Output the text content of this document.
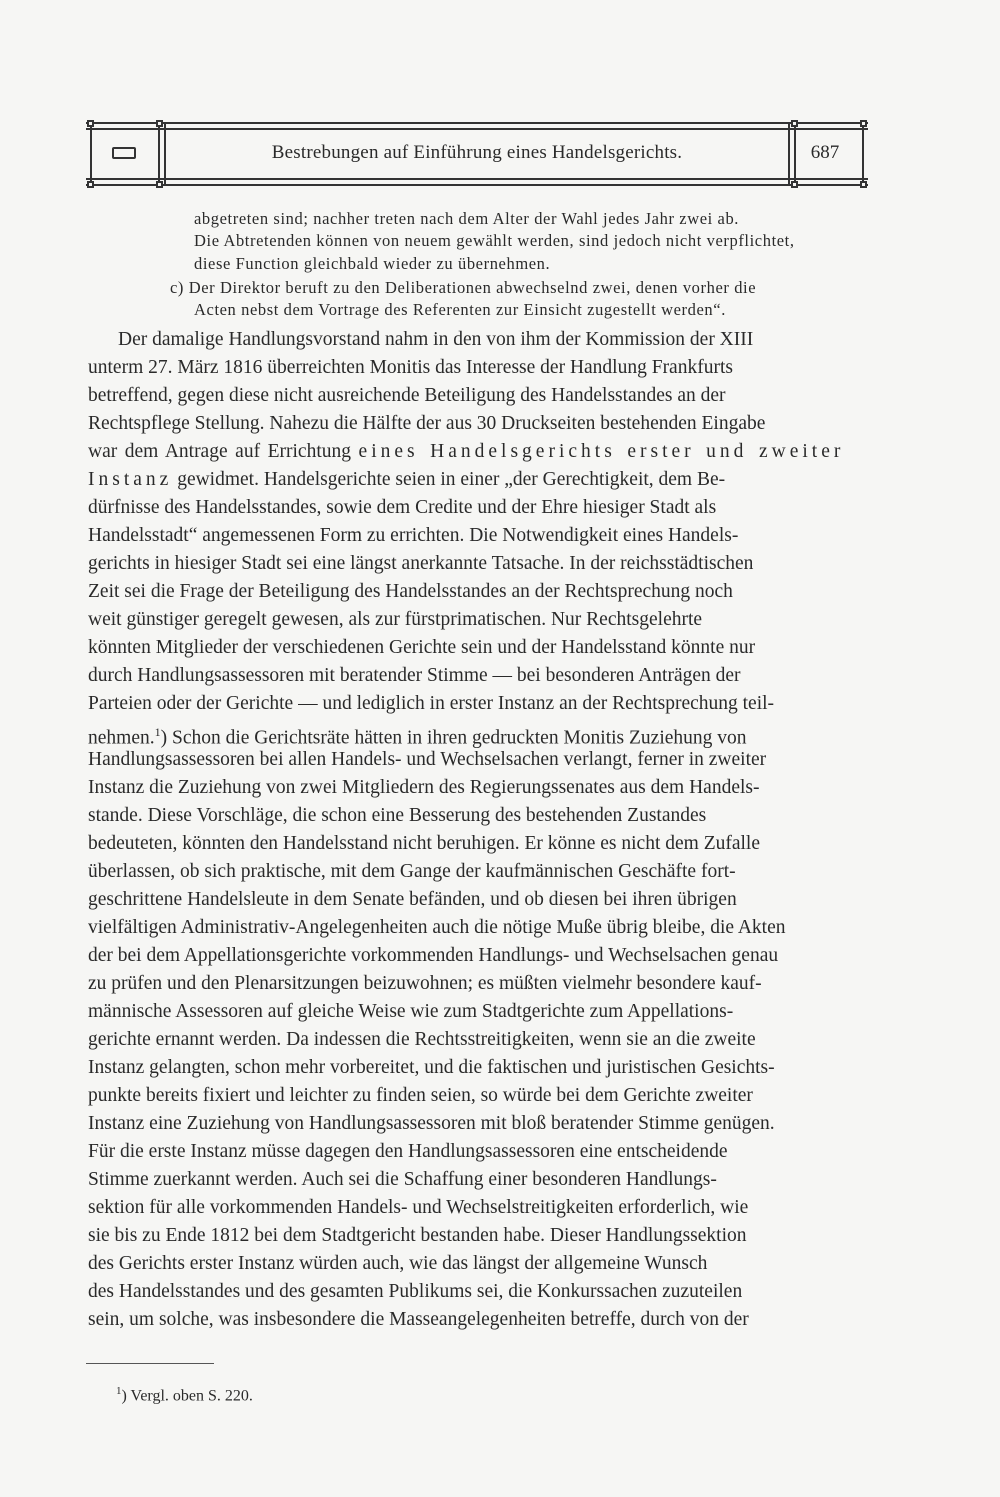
Bestrebungen auf Einführung eines Handelsgerichts.	687
abgetreten sind; nachher treten nach dem Alter der Wahl jedes Jahr zwei ab.
Die Abtretenden können von neuem gewählt werden, sind jedoch nicht verpflichtet,
diese Function gleichbald wieder zu übernehmen.
c) Der Direktor beruft zu den Deliberationen abwechselnd zwei, denen vorher die
Acten nebst dem Vortrage des Referenten zur Einsicht zugestellt werden“.
Der damalige Handlungsvorstand nahm in den von ihm der Kommission der XIII
unterm 27. März 1816 überreichten Monitis das Interesse der Handlung Frankfurts
betreffend, gegen diese nicht ausreichende Beteiligung des Handelsstandes an der
Rechtspflege Stellung. Nahezu die Hälfte der aus 30 Druckseiten bestehenden Eingabe
war dem Antrage auf Errichtung eines Handelsgerichts erster und zweiter
Instanz gewidmet. Handelsgerichte seien in einer „der Gerechtigkeit, dem Be-
dürfnisse des Handelsstandes, sowie dem Credite und der Ehre hiesiger Stadt als
Handelsstadt“ angemessenen Form zu errichten. Die Notwendigkeit eines Handels-
gerichts in hiesiger Stadt sei eine längst anerkannte Tatsache. In der reichsstädtischen
Zeit sei die Frage der Beteiligung des Handelsstandes an der Rechtsprechung noch
weit günstiger geregelt gewesen, als zur fürstprimatischen. Nur Rechtsgelehrte
könnten Mitglieder der verschiedenen Gerichte sein und der Handelsstand könnte nur
durch Handlungsassessoren mit beratender Stimme — bei besonderen Anträgen der
Parteien oder der Gerichte — und lediglich in erster Instanz an der Rechtsprechung teil-
nehmen.$^1$) Schon die Gerichtsräte hätten in ihren gedruckten Monitis Zuziehung von
Handlungsassessoren bei allen Handels- und Wechselsachen verlangt, ferner in zweiter
Instanz die Zuziehung von zwei Mitgliedern des Regierungssenates aus dem Handels-
stande. Diese Vorschläge, die schon eine Besserung des bestehenden Zustandes
bedeuteten, könnten den Handelsstand nicht beruhigen. Er könne es nicht dem Zufalle
überlassen, ob sich praktische, mit dem Gange der kaufmännischen Geschäfte fort-
geschrittene Handelsleute in dem Senate befänden, und ob diesen bei ihren übrigen
vielfältigen Administrativ-Angelegenheiten auch die nötige Muße übrig bleibe, die Akten
der bei dem Appellationsgerichte vorkommenden Handlungs- und Wechselsachen genau
zu prüfen und den Plenarsitzungen beizuwohnen; es müßten vielmehr besondere kauf-
männische Assessoren auf gleiche Weise wie zum Stadtgerichte zum Appellations-
gerichte ernannt werden. Da indessen die Rechtsstreitigkeiten, wenn sie an die zweite
Instanz gelangten, schon mehr vorbereitet, und die faktischen und juristischen Gesichts-
punkte bereits fixiert und leichter zu finden seien, so würde bei dem Gerichte zweiter
Instanz eine Zuziehung von Handlungsassessoren mit bloß beratender Stimme genügen.
Für die erste Instanz müsse dagegen den Handlungsassessoren eine entscheidende
Stimme zuerkannt werden. Auch sei die Schaffung einer besonderen Handlungs-
sektion für alle vorkommenden Handels- und Wechselstreitigkeiten erforderlich, wie
sie bis zu Ende 1812 bei dem Stadtgericht bestanden habe. Dieser Handlungssektion
des Gerichts erster Instanz würden auch, wie das längst der allgemeine Wunsch
des Handelsstandes und des gesamten Publikums sei, die Konkurssachen zuzuteilen
sein, um solche, was insbesondere die Masseangelegenheiten betreffe, durch von der
$^1$) Vergl. oben S. 220.
